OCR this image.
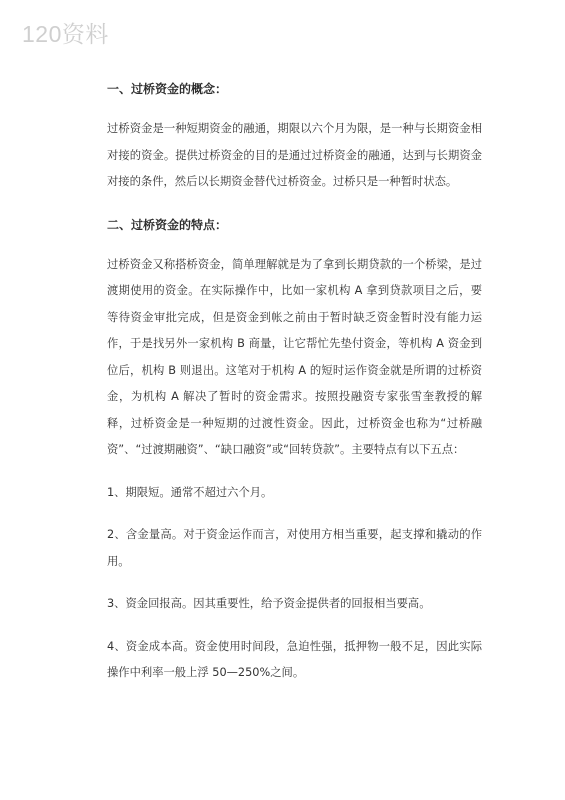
120资料

一、过桥资金的概念：

过桥资金是一种短期资金的融通，期限以六个月为限，是一种与长期资金相对接的资金。提供过桥资金的目的是通过过桥资金的融通，达到与长期资金对接的条件，然后以长期资金替代过桥资金。过桥只是一种暂时状态。

二、过桥资金的特点：

过桥资金又称搭桥资金，简单理解就是为了拿到长期贷款的一个桥梁，是过渡期使用的资金。在实际操作中，比如一家机构 A 拿到贷款项目之后，要等待资金审批完成，但是资金到帐之前由于暂时缺乏资金暂时没有能力运作，于是找另外一家机构 B 商量，让它帮忙先垫付资金，等机构 A 资金到位后，机构 B 则退出。这笔对于机构 A 的短时运作资金就是所谓的过桥资金，为机构 A 解决了暂时的资金需求。按照投融资专家张雪奎教授的解释，过桥资金是一种短期的过渡性资金。因此，过桥资金也称为“过桥融资”、“过渡期融资”、“缺口融资”或“回转贷款”。主要特点有以下五点：

1、期限短。通常不超过六个月。

2、含金量高。对于资金运作而言，对使用方相当重要，起支撑和撬动的作用。

3、资金回报高。因其重要性，给予资金提供者的回报相当要高。

4、资金成本高。资金使用时间段，急迫性强，抵押物一般不足，因此实际操作中利率一般上浮 50—250%之间。
